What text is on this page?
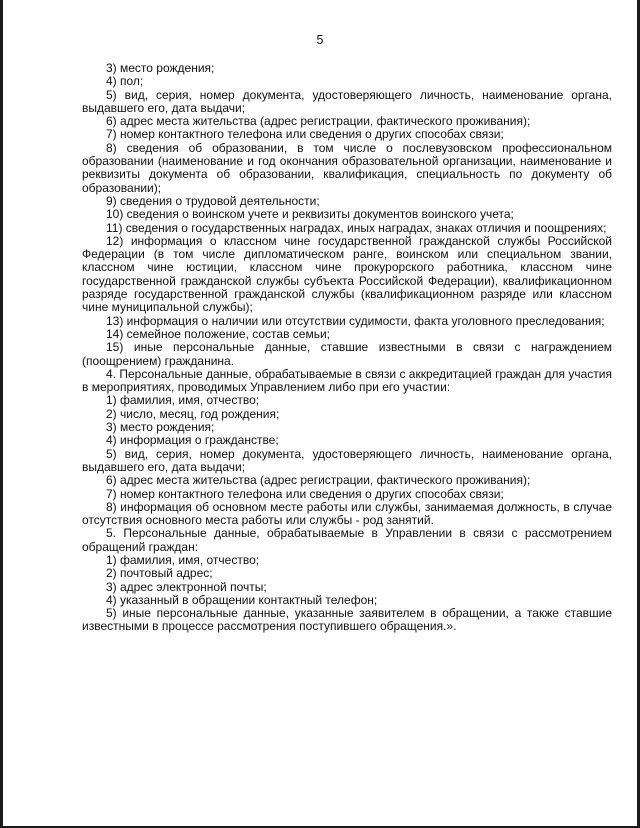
5

3) место рождения;

4) пол;

5) вид, серия, номер документа, удостоверяющего личность, наименование органа, выдавшего его, дата выдачи;

6) адрес места жительства (адрес регистрации, фактического проживания);

7) номер контактного телефона или сведения о других способах связи;

8) сведения об образовании, в том числе о послевузовском профессиональном образовании (наименование и год окончания образовательной организации, наименование и реквизиты документа об образовании, квалификация, специальность по документу об образовании);

9) сведения о трудовой деятельности;

10) сведения о воинском учете и реквизиты документов воинского учета;

11) сведения о государственных наградах, иных наградах, знаках отличия и поощрениях;

12) информация о классном чине государственной гражданской службы Российской Федерации (в том числе дипломатическом ранге, воинском или специальном звании, классном чине юстиции, классном чине прокурорского работника, классном чине государственной гражданской службы субъекта Российской Федерации), квалификационном разряде государственной гражданской службы (квалификационном разряде или классном чине муниципальной службы);

13) информация о наличии или отсутствии судимости, факта уголовного преследования;

14) семейное положение, состав семьи;

15) иные персональные данные, ставшие известными в связи с награждением (поощрением) гражданина.

4. Персональные данные, обрабатываемые в связи с аккредитацией граждан для участия в мероприятиях, проводимых Управлением либо при его участии:

1) фамилия, имя, отчество;

2) число, месяц, год рождения;

3) место рождения;

4) информация о гражданстве;

5) вид, серия, номер документа, удостоверяющего личность, наименование органа, выдавшего его, дата выдачи;

6) адрес места жительства (адрес регистрации, фактического проживания);

7) номер контактного телефона или сведения о других способах связи;

8) информация об основном месте работы или службы, занимаемая должность, в случае отсутствия основного места работы или службы - род занятий.

5. Персональные данные, обрабатываемые в Управлении в связи с рассмотрением обращений граждан:

1) фамилия, имя, отчество;

2) почтовый адрес;

3) адрес электронной почты;

4) указанный в обращении контактный телефон;

5) иные персональные данные, указанные заявителем в обращении, а также ставшие известными в процессе рассмотрения поступившего обращения.».
